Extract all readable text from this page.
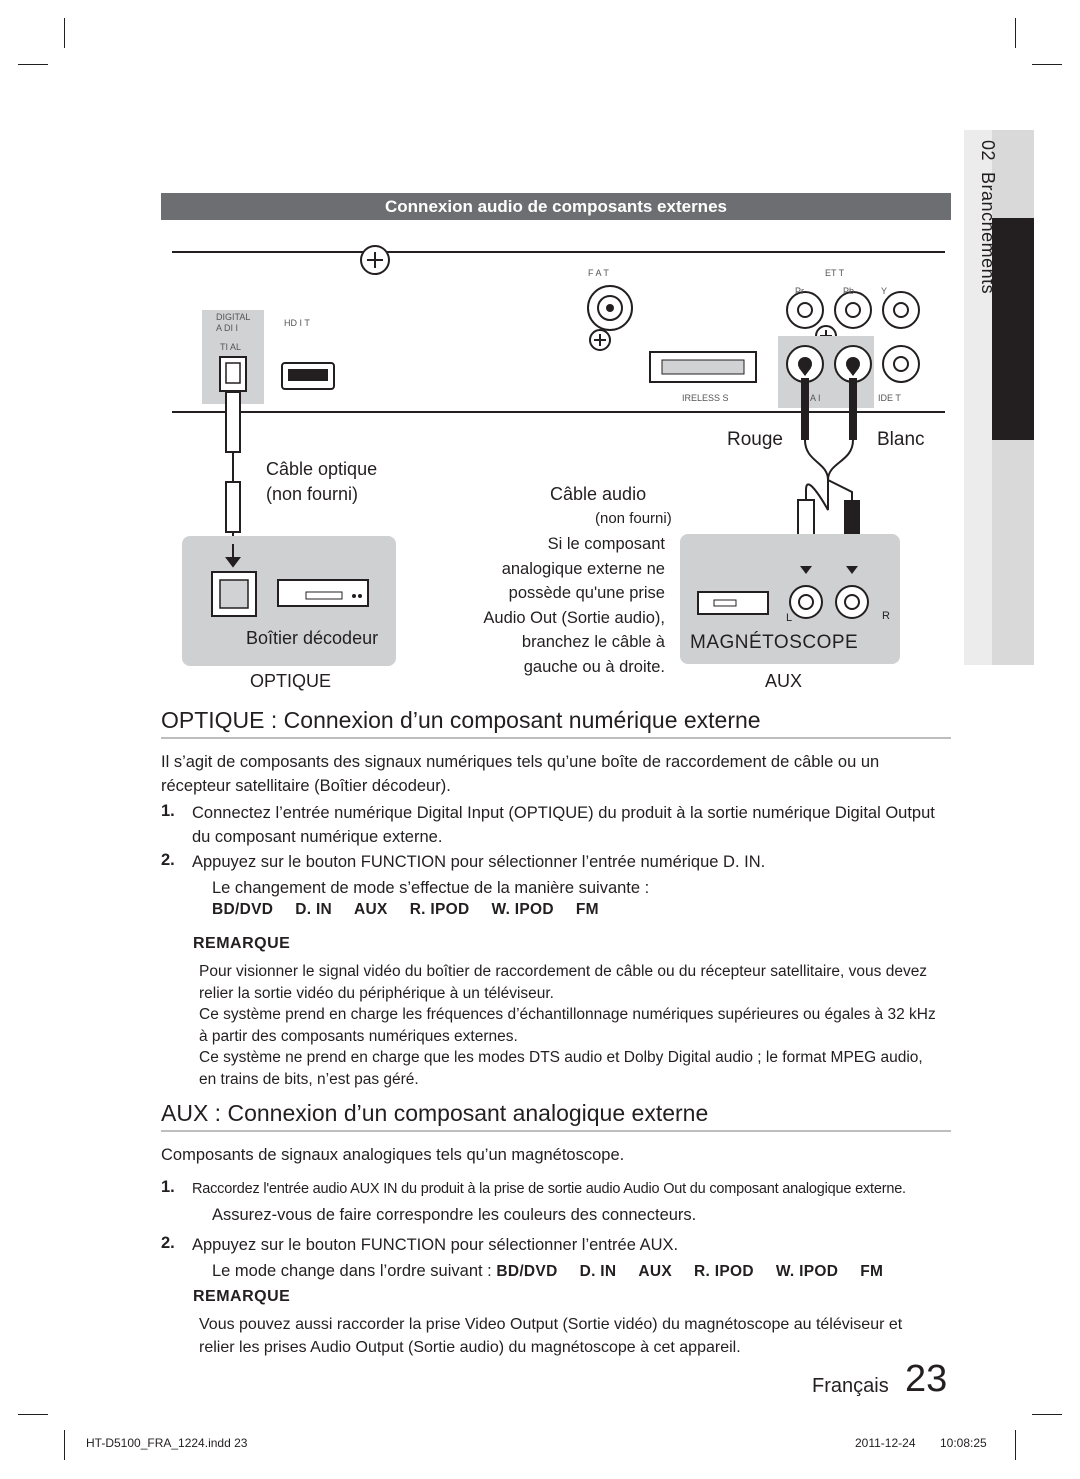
02  Branchements
Connexion audio de composants externes
F A T	ET T
Pr	Pb	Y
DIGITAL
A DI I	HD I T
TI AL
IRELESS S	A I	IDE T
Rouge	Blanc
Câble optique
(non fourni)	Câble audio
(non fourni)
Si le composant
analogique externe ne
possède qu'une prise
Audio Out (Sortie audio),
branchez le câble à
gauche ou à droite.
Boîtier décodeur
OPTIQUE
L	R
MAGNÉTOSCOPE
AUX
OPTIQUE : Connexion d’un composant numérique externe
Il s’agit de composants des signaux numériques tels qu’une boîte de raccordement de câble ou un récepteur satellitaire (Boîtier décodeur).
1. Connectez l’entrée numérique Digital Input (OPTIQUE) du produit à la sortie numérique Digital Output du composant numérique externe.
2. Appuyez sur le bouton FUNCTION pour sélectionner l’entrée numérique D. IN.
Le changement de mode s’effectue de la manière suivante :
BD/DVD D. IN AUX R. IPOD W. IPOD FM
REMARQUE
Pour visionner le signal vidéo du boîtier de raccordement de câble ou du récepteur satellitaire, vous devez relier la sortie vidéo du périphérique à un téléviseur.
Ce système prend en charge les fréquences d’échantillonnage numériques supérieures ou égales à 32 kHz à partir des composants numériques externes.
Ce système ne prend en charge que les modes DTS audio et Dolby Digital audio ; le format MPEG audio, en trains de bits, n’est pas géré.
AUX : Connexion d’un composant analogique externe
Composants de signaux analogiques tels qu’un magnétoscope.
1. Raccordez l'entrée audio AUX IN du produit à la prise de sortie audio Audio Out du composant analogique externe.
Assurez-vous de faire correspondre les couleurs des connecteurs.
2. Appuyez sur le bouton FUNCTION pour sélectionner l’entrée AUX.
Le mode change dans l’ordre suivant : BD/DVD D. IN AUX R. IPOD W. IPOD FM
REMARQUE
Vous pouvez aussi raccorder la prise Video Output (Sortie vidéo) du magnétoscope au téléviseur et relier les prises Audio Output (Sortie audio) du magnétoscope à cet appareil.
Français 23
HT-D5100_FRA_1224.indd 23	2011-12-24 10:08:25
